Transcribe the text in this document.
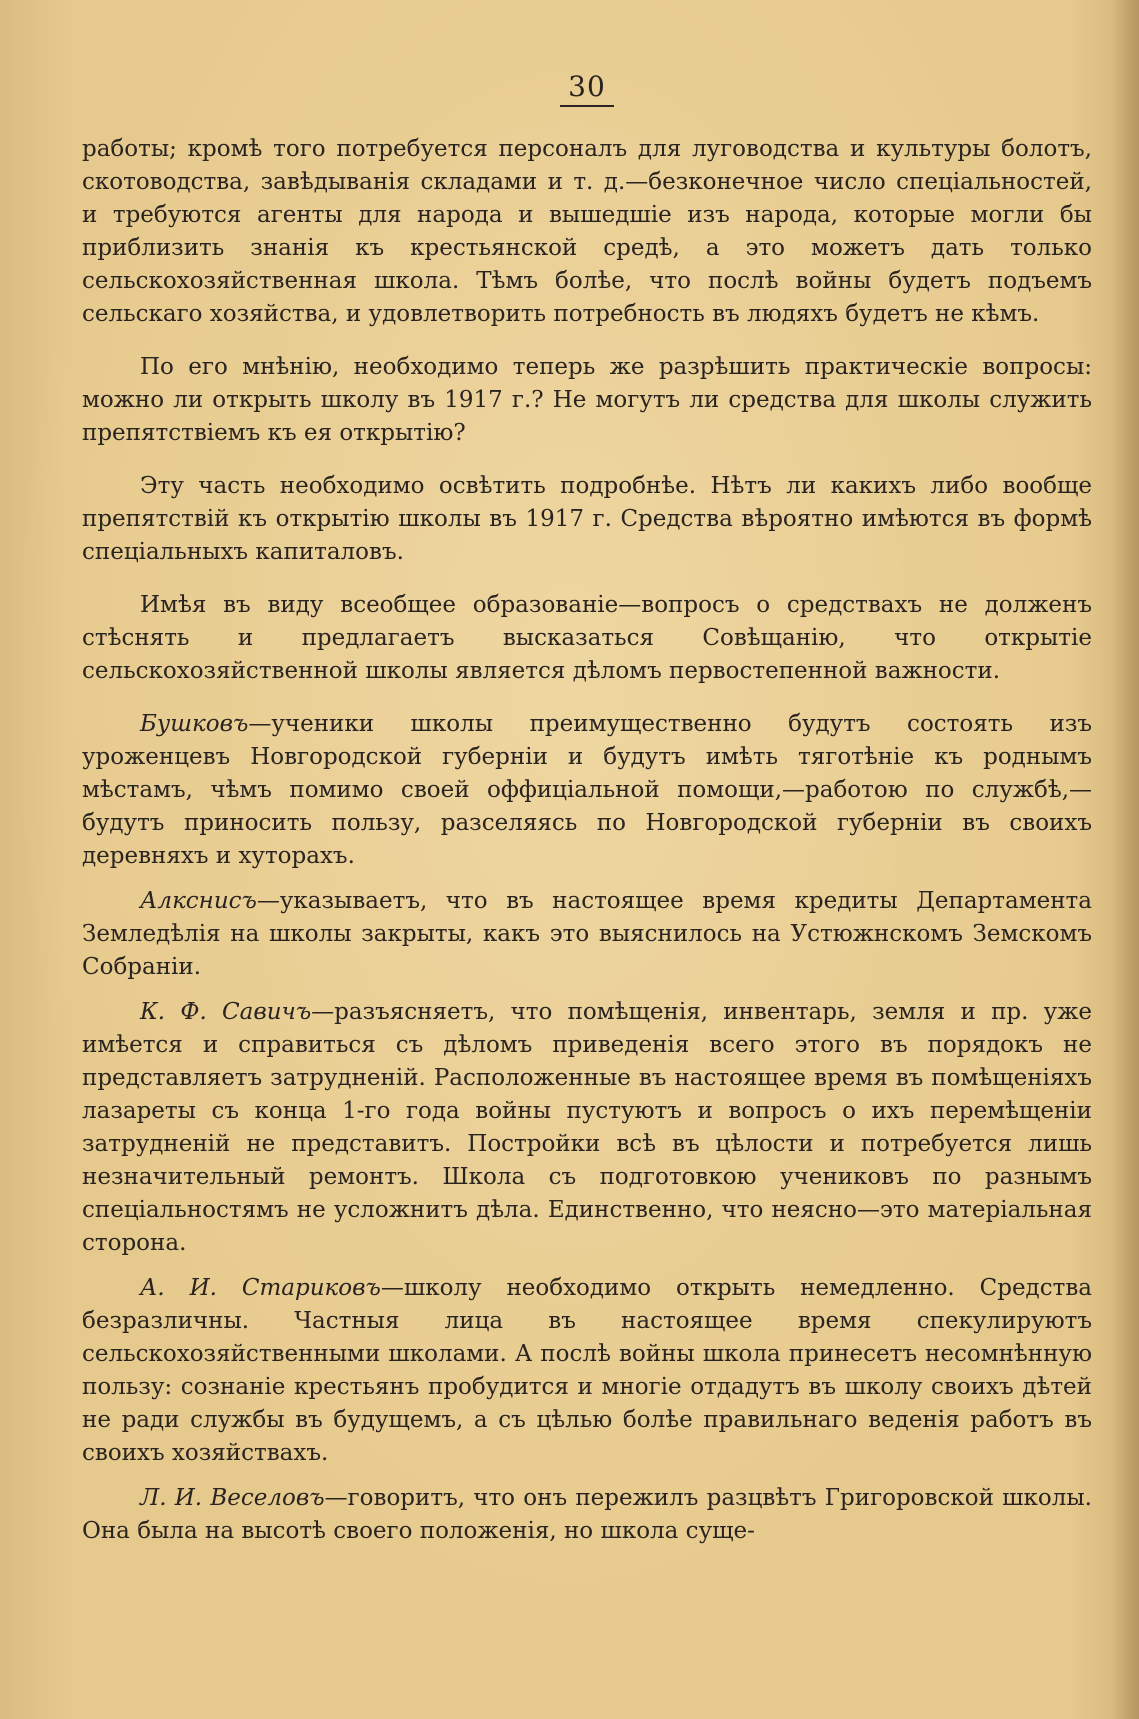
30

работы; кромѣ того потребуется персоналъ для луговодства и культуры болотъ, скотоводства, завѣдыванія складами и т. д.—безконечное число спеціальностей, и требуются агенты для народа и вышедшіе изъ народа, которые могли бы приблизить знанія къ крестьянской средѣ, а это можетъ дать только сельскохозяйственная школа. Тѣмъ болѣе, что послѣ войны будетъ подъемъ сельскаго хозяйства, и удовлетворить потребность въ людяхъ будетъ не кѣмъ.

По его мнѣнію, необходимо теперь же разрѣшить практическіе вопросы: можно ли открыть школу въ 1917 г.? Не могутъ ли средства для школы служить препятствіемъ къ ея открытію?

Эту часть необходимо освѣтить подробнѣе. Нѣтъ ли какихъ либо вообще препятствій къ открытію школы въ 1917 г. Средства вѣроятно имѣются въ формѣ спеціальныхъ капиталовъ.

Имѣя въ виду всеобщее образованіе—вопросъ о средствахъ не долженъ стѣснять и предлагаетъ высказаться Совѣщанію, что открытіе сельскохозяйственной школы является дѣломъ первостепенной важности.

Бушковъ—ученики школы преимущественно будутъ состоять изъ уроженцевъ Новгородской губерніи и будутъ имѣть тяготѣніе къ роднымъ мѣстамъ, чѣмъ помимо своей оффиціальной помощи,—работою по службѣ,—будутъ приносить пользу, разселяясь по Новгородской губерніи въ своихъ деревняхъ и хуторахъ.

Алкснисъ—указываетъ, что въ настоящее время кредиты Департамента Земледѣлія на школы закрыты, какъ это выяснилось на Устюжнскомъ Земскомъ Собраніи.

К. Ф. Савичъ—разъясняетъ, что помѣщенія, инвентарь, земля и пр. уже имѣется и справиться съ дѣломъ приведенія всего этого въ порядокъ не представляетъ затрудненій. Расположенные въ настоящее время въ помѣщеніяхъ лазареты съ конца 1-го года войны пустуютъ и вопросъ о ихъ перемѣщеніи затрудненій не представитъ. Постройки всѣ въ цѣлости и потребуется лишь незначительный ремонтъ. Школа съ подготовкою учениковъ по разнымъ спеціальностямъ не усложнитъ дѣла. Единственно, что неясно—это матеріальная сторона.

А. И. Стариковъ—школу необходимо открыть немедленно. Средства безразличны. Частныя лица въ настоящее время спекулируютъ сельскохозяйственными школами. А послѣ войны школа принесетъ несомнѣнную пользу: сознаніе крестьянъ пробудится и многіе отдадутъ въ школу своихъ дѣтей не ради службы въ будущемъ, а съ цѣлью болѣе правильнаго веденія работъ въ своихъ хозяйствахъ.

Л. И. Веселовъ—говоритъ, что онъ пережилъ разцвѣтъ Григоровской школы. Она была на высотѣ своего положенія, но школа суще-
